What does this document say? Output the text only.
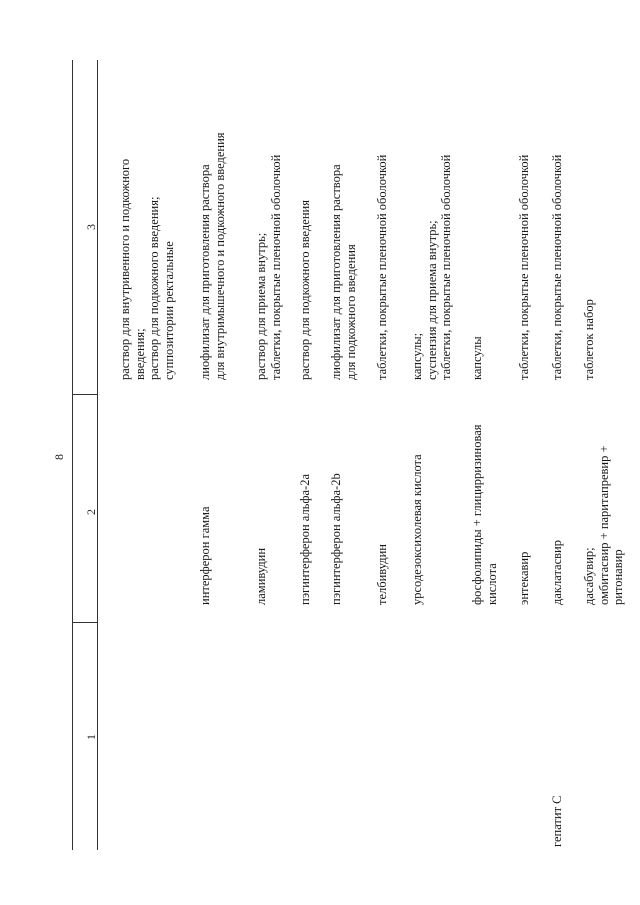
8
1
2
3 раствор для внутривенного и подкожного введения; раствор для подкожного введения; суппозитории ректальные
интерферон гамма
лиофилизат для приготовления раствора для внутримышечного и подкожного введения
ламивудин
раствор для приема внутрь; таблетки, покрытые пленочной оболочкой
пэгинтерферон альфа-2а
раствор для подкожного введения
пэгинтерферон альфа-2b
лиофилизат для приготовления раствора для подкожного введения
телбивудин
таблетки, покрытые пленочной оболочкой
урсодезоксихолевая кислота
капсулы; суспензия для приема внутрь; таблетки, покрытые пленочной оболочкой
фосфолипиды + глицирризиновая кислота
капсулы
энтекавир
таблетки, покрытые пленочной оболочкой
гепатит С
даклатасвир
таблетки, покрытые пленочной оболочкой
дасабувир; омбитасвир + паритапревир + ритонавир
таблеток набор
